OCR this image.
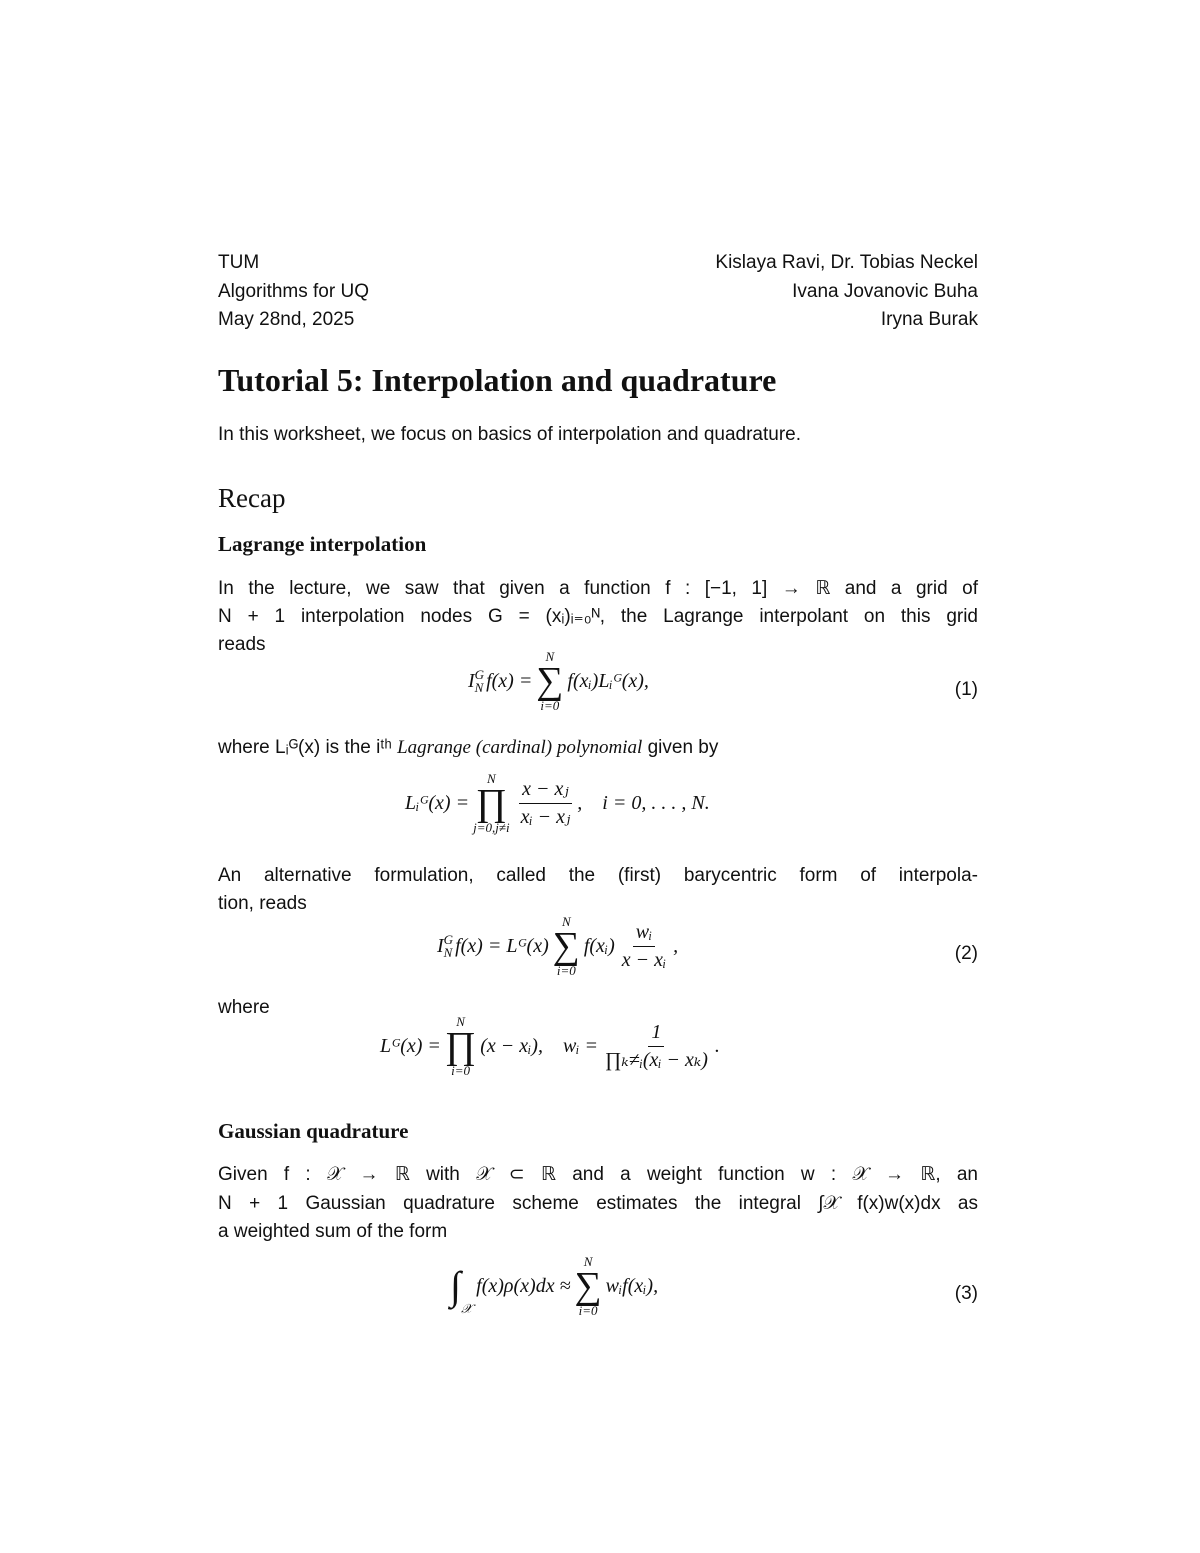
TUM
Algorithms for UQ
May 28nd, 2025
Kislaya Ravi, Dr. Tobias Neckel
Ivana Jovanovic Buha
Iryna Burak
Tutorial 5: Interpolation and quadrature
In this worksheet, we focus on basics of interpolation and quadrature.
Recap
Lagrange interpolation
In the lecture, we saw that given a function f : [−1, 1] → ℝ and a grid of
N + 1 interpolation nodes G = (xᵢ)ᵢ₌₀ᴺ, the Lagrange interpolant on this grid
reads
I G
N f(x) =
N
∑
i=0
f(xᵢ)Lᵢᴳ(x),	(1)
where Lᵢᴳ(x) is the iᵗʰ Lagrange (cardinal) polynomial given by
Lᵢᴳ(x) =
N
∏
$j=0,j\ne i \frac{\text{x − xⱼ}}{\text{xᵢ − xⱼ}}$ ,    i = 0, . . . , N.
An alternative formulation, called the (first) barycentric form of interpola-
tion, reads
I G
N f(x) = Lᴳ(x)
N
∑
i=0
f(xᵢ) $\frac{\text{wᵢ}}{\text{x − xᵢ}}$ ,	(2)
where
Lᴳ(x) =
N
∏
i=0
(x − xᵢ),    wᵢ = $\frac{1}{\text{∏ₖ≠ᵢ(xᵢ − xₖ)}}$ .
Gaussian quadrature
Given f : 𝒳 → ℝ with 𝒳 ⊂ ℝ and a weight function w : 𝒳 → ℝ, an
N + 1 Gaussian quadrature scheme estimates the integral ∫𝒳 f(x)w(x)dx as
a weighted sum of the form
∫
𝒳
f(x)ρ(x)dx ≈
N
∑
i=0
wᵢf(xᵢ),	(3)
